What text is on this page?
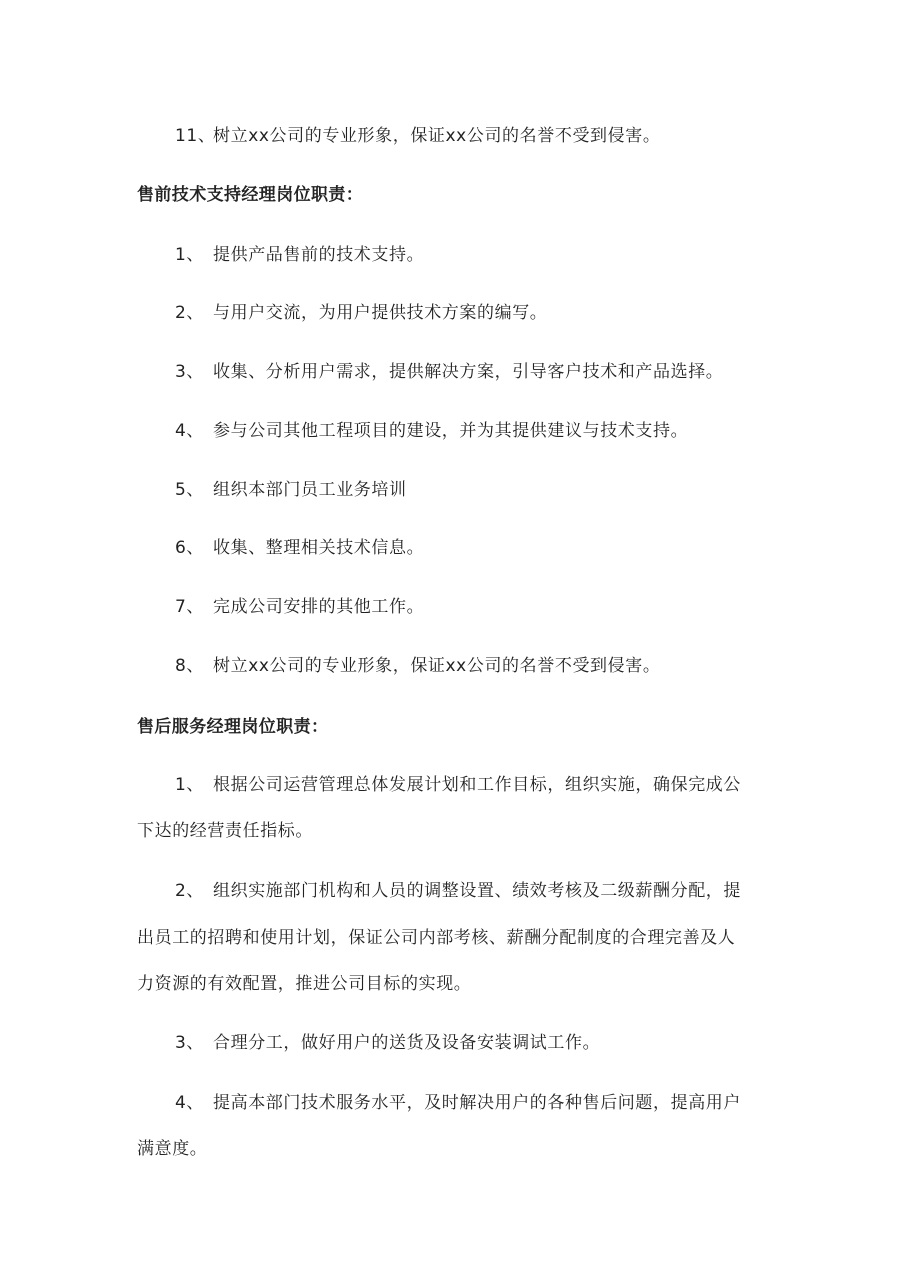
11、树立xx公司的专业形象，保证xx公司的名誉不受到侵害。
售前技术支持经理岗位职责：
1、 提供产品售前的技术支持。
2、 与用户交流，为用户提供技术方案的编写。
3、 收集、分析用户需求，提供解决方案，引导客户技术和产品选择。
4、 参与公司其他工程项目的建设，并为其提供建议与技术支持。
5、 组织本部门员工业务培训
6、 收集、整理相关技术信息。
7、 完成公司安排的其他工作。
8、 树立xx公司的专业形象，保证xx公司的名誉不受到侵害。
售后服务经理岗位职责：
1、 根据公司运营管理总体发展计划和工作目标，组织实施，确保完成公
下达的经营责任指标。
2、 组织实施部门机构和人员的调整设置、绩效考核及二级薪酬分配，提
出员工的招聘和使用计划，保证公司内部考核、薪酬分配制度的合理完善及人
力资源的有效配置，推进公司目标的实现。
3、 合理分工，做好用户的送货及设备安装调试工作。
4、 提高本部门技术服务水平，及时解决用户的各种售后问题，提高用户
满意度。
